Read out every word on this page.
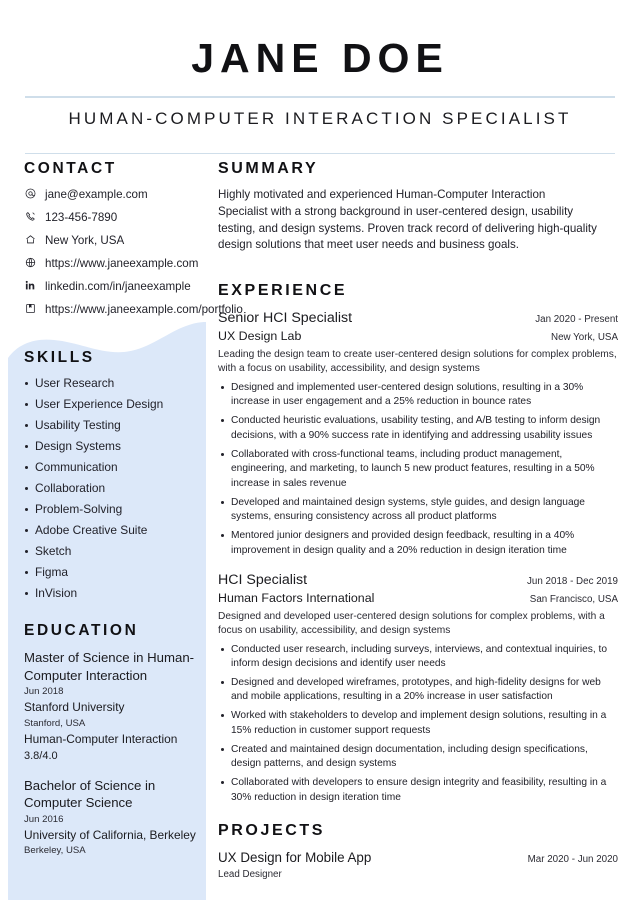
JANE DOE
HUMAN-COMPUTER INTERACTION SPECIALIST
CONTACT
jane@example.com
123-456-7890
New York, USA
https://www.janeexample.com
linkedin.com/in/janeexample
https://www.janeexample.com/portfolio
SKILLS
User Research
User Experience Design
Usability Testing
Design Systems
Communication
Collaboration
Problem-Solving
Adobe Creative Suite
Sketch
Figma
InVision
EDUCATION
Master of Science in Human-Computer Interaction
Jun 2018
Stanford University
Stanford, USA
Human-Computer Interaction
3.8/4.0
Bachelor of Science in Computer Science
Jun 2016
University of California, Berkeley
Berkeley, USA
SUMMARY
Highly motivated and experienced Human-Computer Interaction Specialist with a strong background in user-centered design, usability testing, and design systems. Proven track record of delivering high-quality design solutions that meet user needs and business goals.
EXPERIENCE
Senior HCI Specialist	Jan 2020 - Present
UX Design Lab	New York, USA
Leading the design team to create user-centered design solutions for complex problems, with a focus on usability, accessibility, and design systems
Designed and implemented user-centered design solutions, resulting in a 30% increase in user engagement and a 25% reduction in bounce rates
Conducted heuristic evaluations, usability testing, and A/B testing to inform design decisions, with a 90% success rate in identifying and addressing usability issues
Collaborated with cross-functional teams, including product management, engineering, and marketing, to launch 5 new product features, resulting in a 50% increase in sales revenue
Developed and maintained design systems, style guides, and design language systems, ensuring consistency across all product platforms
Mentored junior designers and provided design feedback, resulting in a 40% improvement in design quality and a 20% reduction in design iteration time
HCI Specialist	Jun 2018 - Dec 2019
Human Factors International	San Francisco, USA
Designed and developed user-centered design solutions for complex problems, with a focus on usability, accessibility, and design systems
Conducted user research, including surveys, interviews, and contextual inquiries, to inform design decisions and identify user needs
Designed and developed wireframes, prototypes, and high-fidelity designs for web and mobile applications, resulting in a 20% increase in user satisfaction
Worked with stakeholders to develop and implement design solutions, resulting in a 15% reduction in customer support requests
Created and maintained design documentation, including design specifications, design patterns, and design systems
Collaborated with developers to ensure design integrity and feasibility, resulting in a 30% reduction in design iteration time
PROJECTS
UX Design for Mobile App	Mar 2020 - Jun 2020
Lead Designer
